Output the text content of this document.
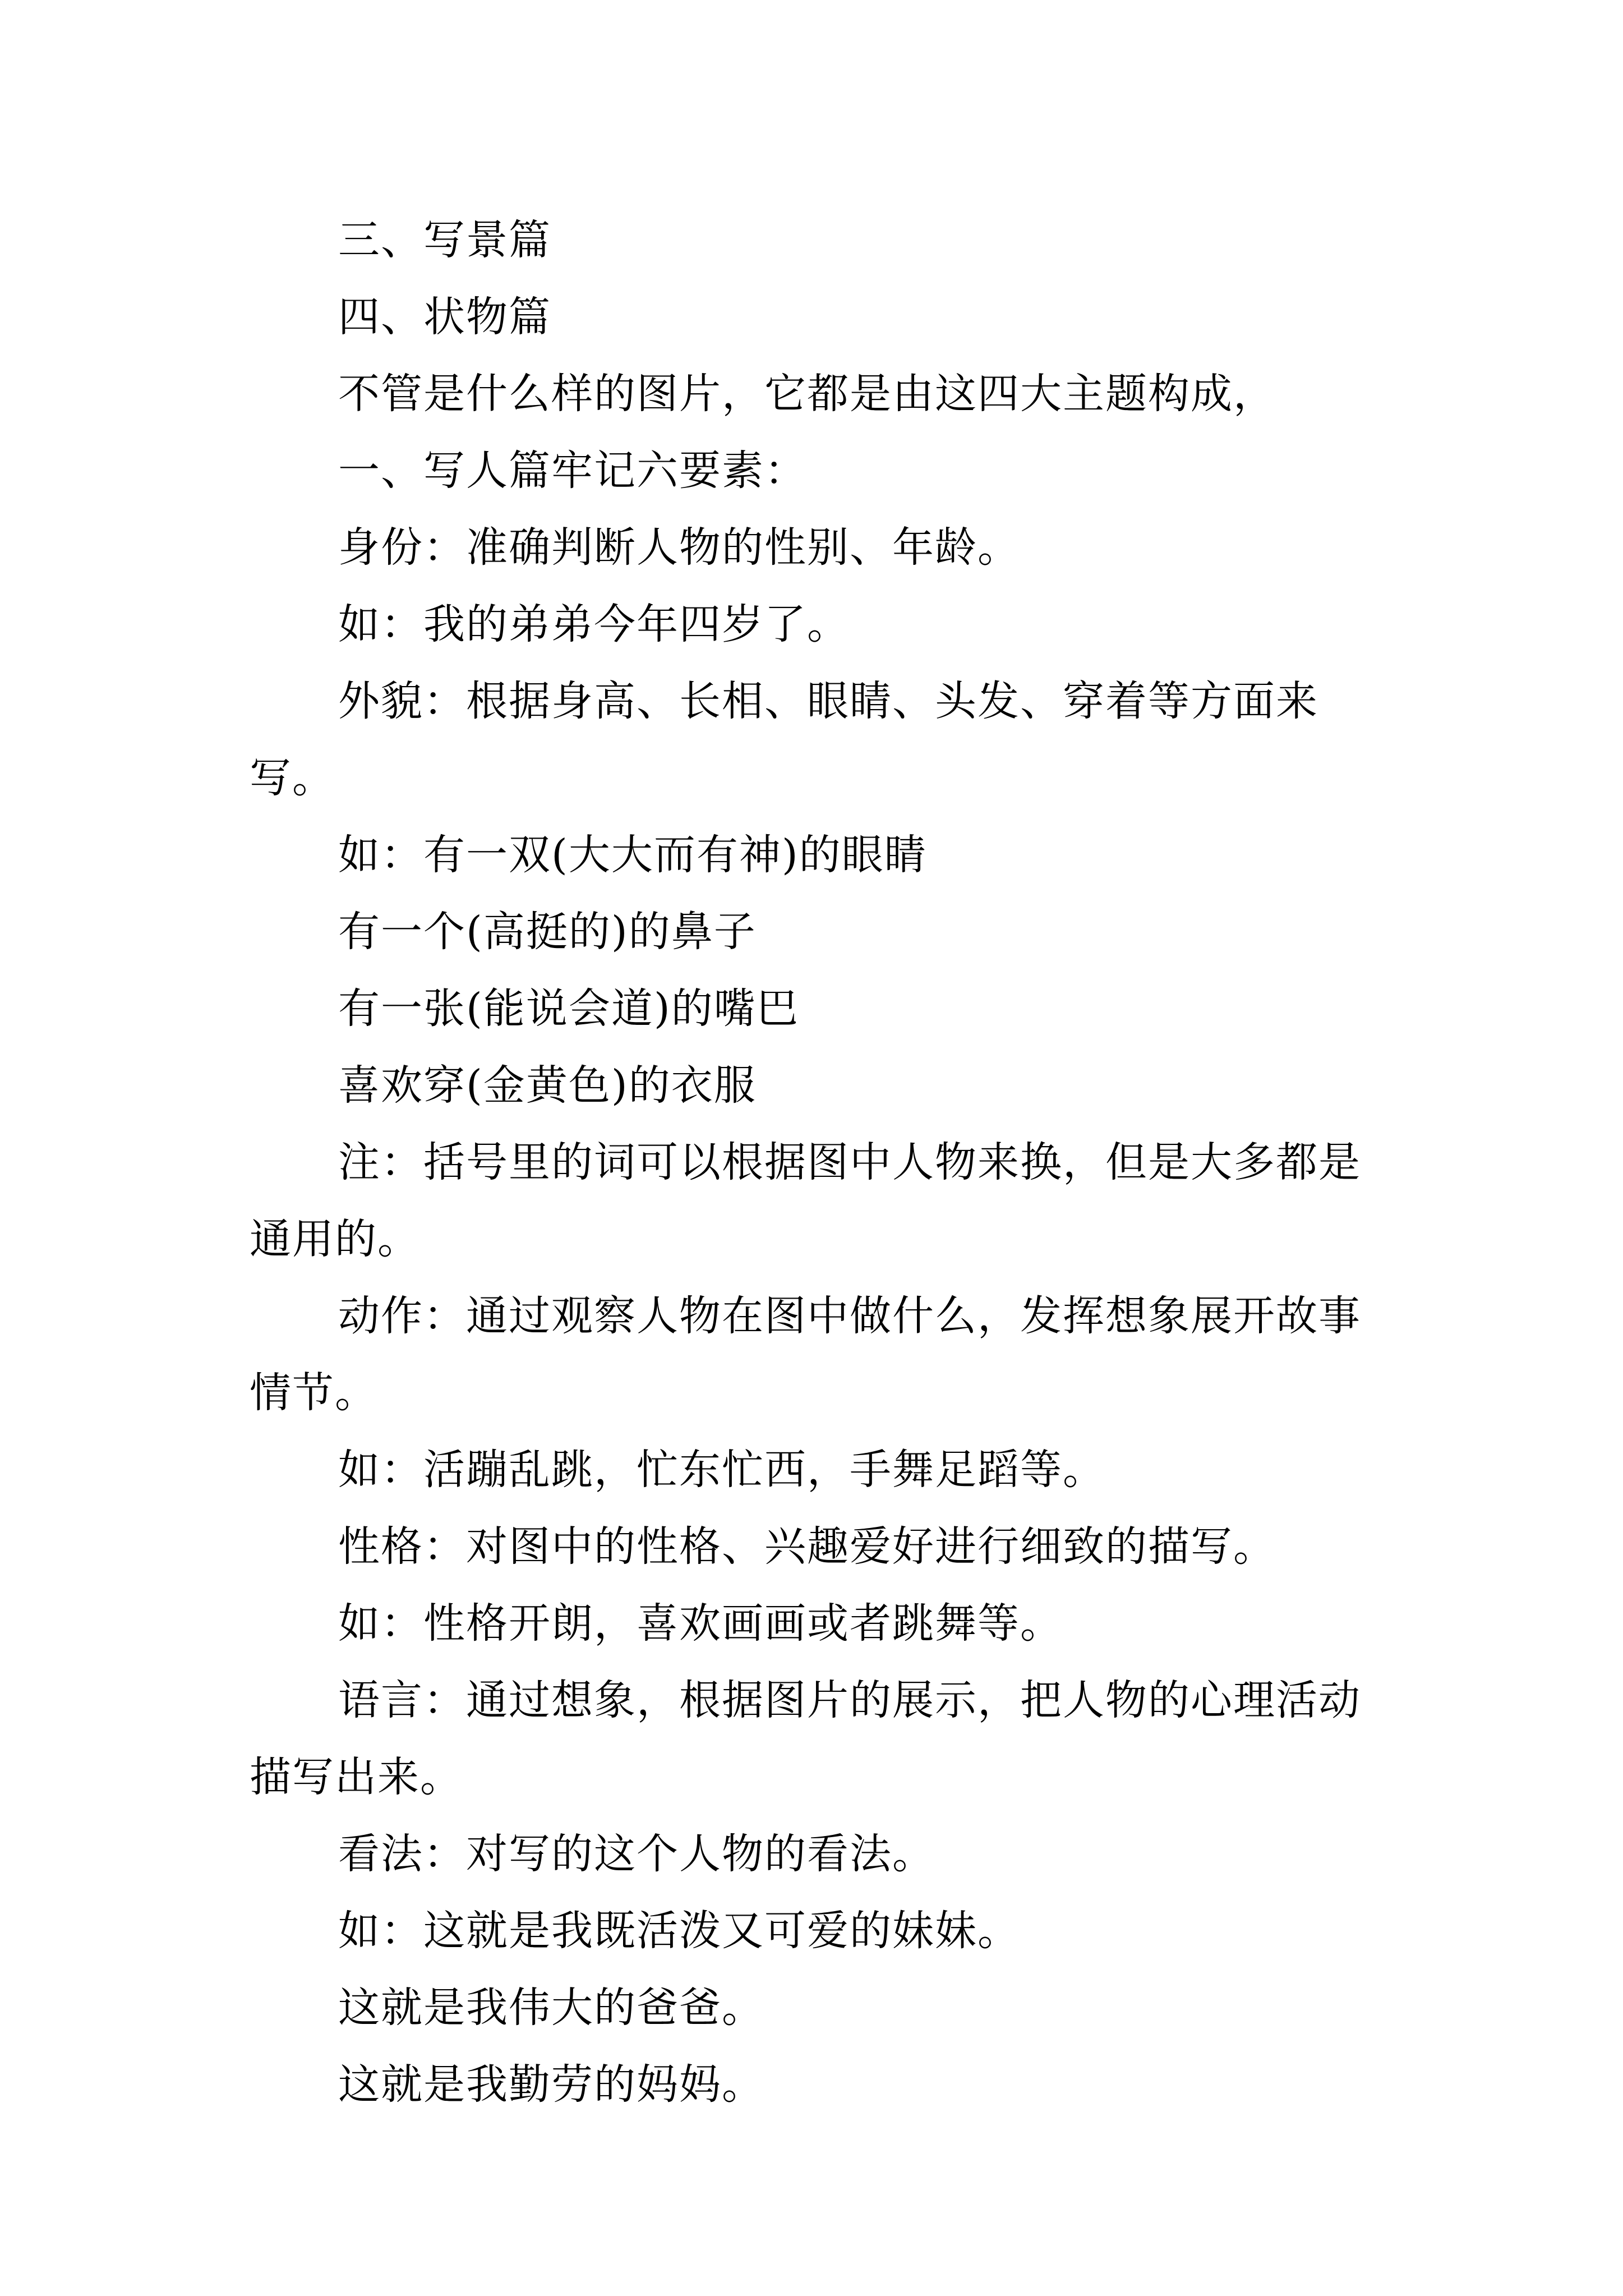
三、写景篇

四、状物篇

不管是什么样的图片，它都是由这四大主题构成，

一、写人篇牢记六要素：

身份：准确判断人物的性别、年龄。

如：我的弟弟今年四岁了。

外貌：根据身高、长相、眼睛、头发、穿着等方面来写。

如：有一双(大大而有神)的眼睛

有一个(高挺的)的鼻子

有一张(能说会道)的嘴巴

喜欢穿(金黄色)的衣服

注：括号里的词可以根据图中人物来换，但是大多都是通用的。

动作：通过观察人物在图中做什么，发挥想象展开故事情节。

如：活蹦乱跳，忙东忙西，手舞足蹈等。

性格：对图中的性格、兴趣爱好进行细致的描写。

如：性格开朗，喜欢画画或者跳舞等。

语言：通过想象，根据图片的展示，把人物的心理活动描写出来。

看法：对写的这个人物的看法。

如：这就是我既活泼又可爱的妹妹。

这就是我伟大的爸爸。

这就是我勤劳的妈妈。
